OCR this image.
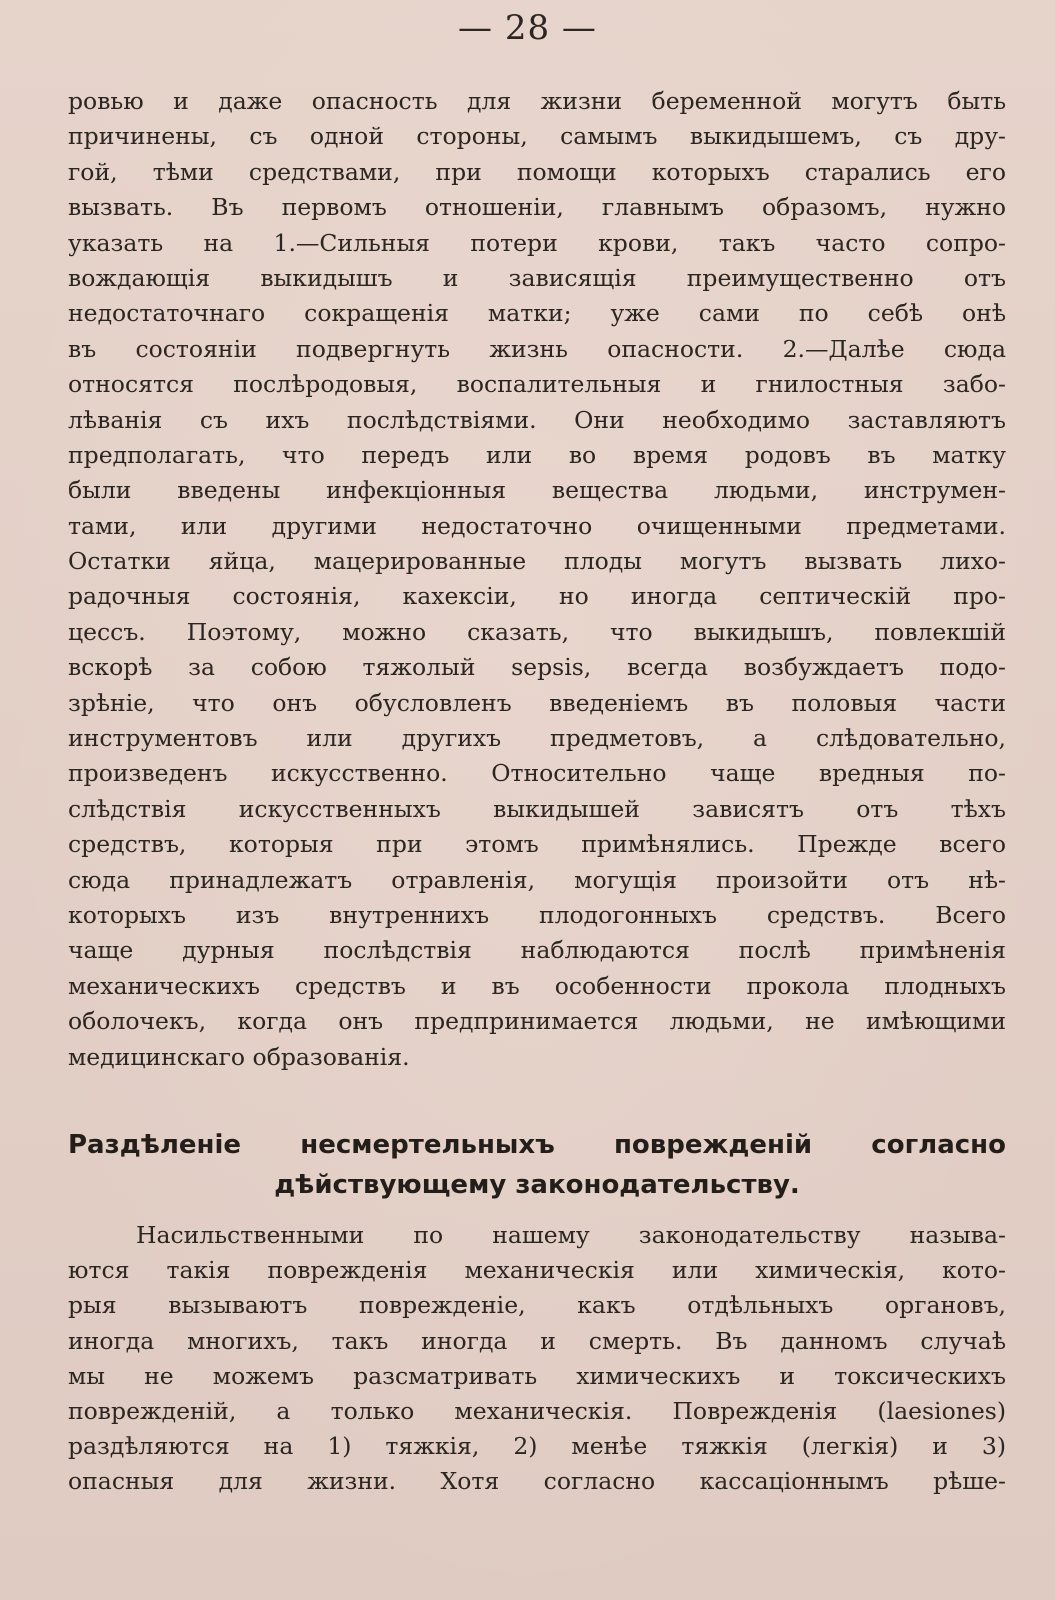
— 28 —
ровью и даже опасность для жизни беременной могутъ быть
причинены, съ одной стороны, самымъ выкидышемъ, съ дру-
гой, тѣми средствами, при помощи которыхъ старались его
вызвать. Въ первомъ отношеніи, главнымъ образомъ, нужно
указать на 1.—Сильныя потери крови, такъ часто сопро-
вождающія выкидышъ и зависящія преимущественно отъ
недостаточнаго сокращенія матки; уже сами по себѣ онѣ
въ состояніи подвергнуть жизнь опасности. 2.—Далѣе сюда
относятся послѣродовыя, воспалительныя и гнилостныя забо-
лѣванія съ ихъ послѣдствіями. Они необходимо заставляютъ
предполагать, что передъ или во время родовъ въ матку
были введены инфекціонныя вещества людьми, инструмен-
тами, или другими недостаточно очищенными предметами.
Остатки яйца, мацерированные плоды могутъ вызвать лихо-
радочныя состоянія, кахексіи, но иногда септическій про-
цессъ. Поэтому, можно сказать, что выкидышъ, повлекшій
вскорѣ за собою тяжолый sepsis, всегда возбуждаетъ подо-
зрѣніе, что онъ обусловленъ введеніемъ въ половыя части
инструментовъ или другихъ предметовъ, а слѣдовательно,
произведенъ искусственно. Относительно чаще вредныя по-
слѣдствія искусственныхъ выкидышей зависятъ отъ тѣхъ
средствъ, которыя при этомъ примѣнялись. Прежде всего
сюда принадлежатъ отравленія, могущія произойти отъ нѣ-
которыхъ изъ внутреннихъ плодогонныхъ средствъ. Всего
чаще дурныя послѣдствія наблюдаются послѣ примѣненія
механическихъ средствъ и въ особенности прокола плодныхъ
оболочекъ, когда онъ предпринимается людьми, не имѣющими
медицинскаго образованія.
Раздѣленіе несмертельныхъ поврежденій согласно
дѣйствующему законодательству.
Насильственными по нашему законодательству называ-
ются такія поврежденія механическія или химическія, кото-
рыя вызываютъ поврежденіе, какъ отдѣльныхъ органовъ,
иногда многихъ, такъ иногда и смерть. Въ данномъ случаѣ
мы не можемъ разсматривать химическихъ и токсическихъ
поврежденій, а только механическія. Поврежденія (laesiones)
раздѣляются на 1) тяжкія, 2) менѣе тяжкія (легкія) и 3)
опасныя для жизни. Хотя согласно кассаціоннымъ рѣше-
